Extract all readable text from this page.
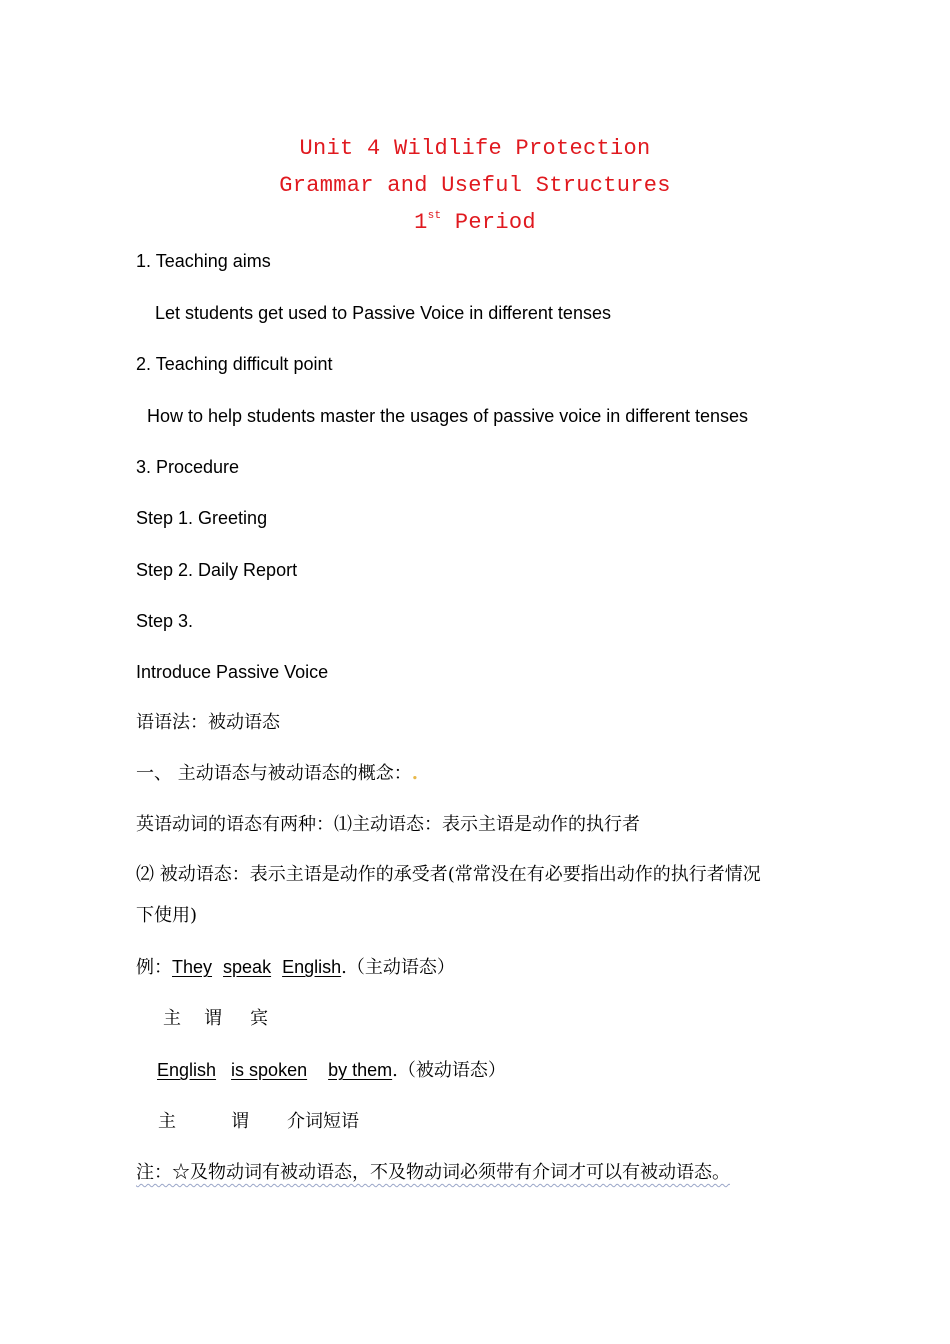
Unit 4 Wildlife Protection
Grammar and Useful Structures
1st Period
1. Teaching aims
Let students get used to Passive Voice in different tenses
2. Teaching difficult point
How to help students master the usages of passive voice in different tenses
3. Procedure
Step 1. Greeting
Step 2. Daily Report
Step 3.
Introduce Passive Voice
语语法：被动语态
一、 主动语态与被动语态的概念：.
英语动词的语态有两种：⑴主动语态：表示主语是动作的执行者
⑵ 被动语态：表示主语是动作的承受者(常常没在有必要指出动作的执行者情况
下使用)
例：They speak English.（主动语态）
主 谓 宾
English is spoken by them.（被动语态）
主	谓 介词短语
注：☆及物动词有被动语态，不及物动词必须带有介词才可以有被动语态。
